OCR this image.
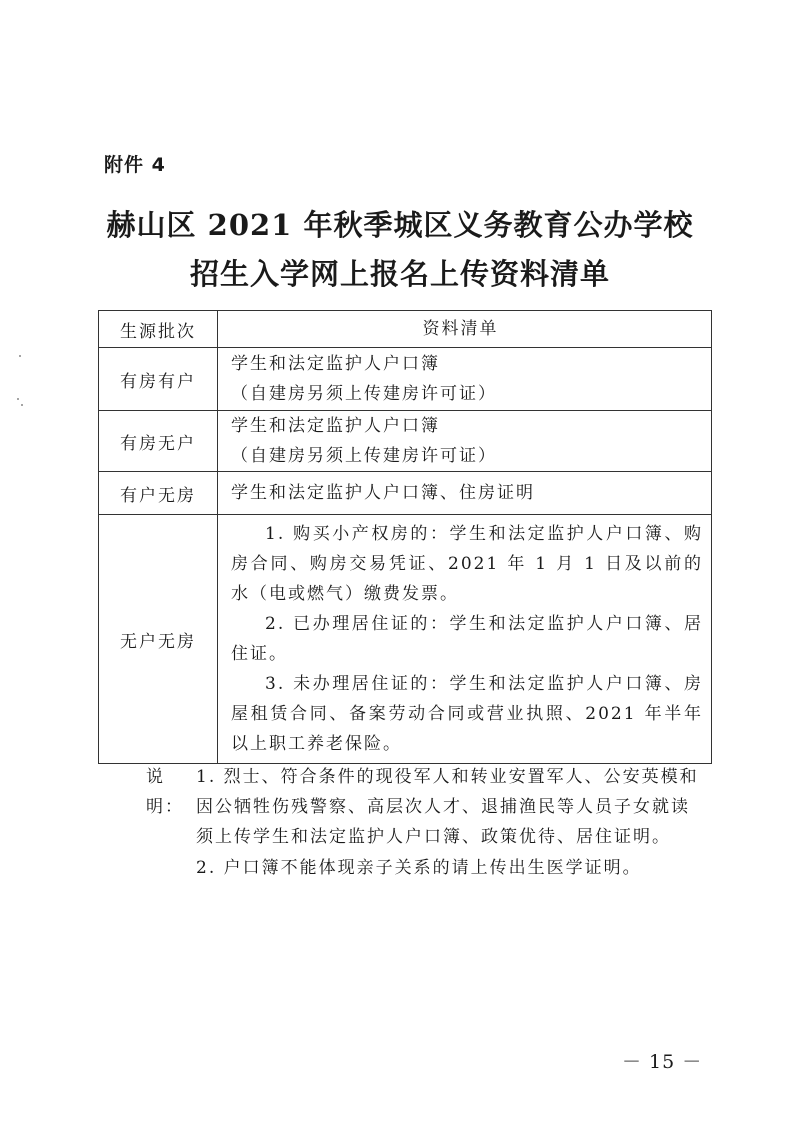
附件 4
赫山区 2021 年秋季城区义务教育公办学校
招生入学网上报名上传资料清单
生源批次	资料清单
有房有户	学生和法定监护人户口簿
（自建房另须上传建房许可证）

有房无户	学生和法定监护人户口簿
（自建房另须上传建房许可证）

有户无房	学生和法定监护人户口簿、住房证明

无户无房	1. 购买小产权房的：学生和法定监护人户口簿、购房合同、购房交易凭证、2021 年 1 月 1 日及以前的水（电或燃气）缴费发票。
2. 已办理居住证的：学生和法定监护人户口簿、居住证。
3. 未办理居住证的：学生和法定监护人户口簿、房屋租赁合同、备案劳动合同或营业执照、2021 年半年以上职工养老保险。
说明：
1. 烈士、符合条件的现役军人和转业安置军人、公安英模和因公牺牲伤残警察、高层次人才、退捕渔民等人员子女就读须上传学生和法定监护人户口簿、政策优待、居住证明。
2. 户口簿不能体现亲子关系的请上传出生医学证明。
－ 15 －
